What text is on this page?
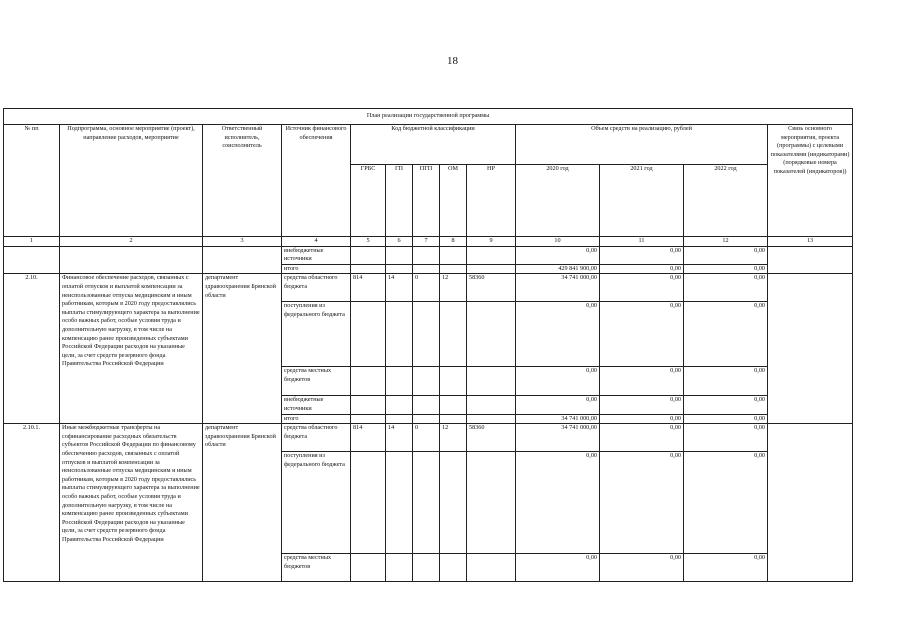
18
План реализации государственной программы												
№ пп	Подпрограмма, основное мероприятие (проект), направление расходов, мероприятие	Ответственный исполнитель, соисполнитель	Источник финансового обеспечения	Код бюджетной классификации					Объем средств на реализацию, рублей			Связь основного мероприятия, проекта (программы) с целевыми показателями (индикаторами) (порядковые номера показателей (индикаторов))
				ГРБС	ГП	ПГП	ОМ	НР	2020 год	2021 год	2022 год	
1	2	3	4	5	6	7	8	9	10	11	12	13
			внебюджетные источники						0,00	0,00	0,00	
			итого						429 841 900,00	0,00	0,00	
2.10.	Финансовое обеспечение расходов, связанных с оплатой отпусков и выплатой компенсации за неиспользованные отпуска медицинским и иным работникам, которым в 2020 году предоставлялись выплаты стимулирующего характера за выполнение особо важных работ, особые условия труда и дополнительную нагрузку, в том числе на компенсацию ранее произведенных субъектами Российской Федерации расходов на указанные цели, за счет средств резервного фонда Правительства Российской Федерации	департамент здравоохранения Брянской области	средства областного бюджета	814	14	0	12	58360	34 741 000,00	0,00	0,00	
			поступления из федерального бюджета						0,00	0,00	0,00	
			средства местных бюджетов						0,00	0,00	0,00	
			внебюджетные источники						0,00	0,00	0,00	
			итого						34 741 000,00	0,00	0,00	
2.10.1.	Иные межбюджетные трансферты на софинансирование расходных обязательств субъектов Российской Федерации по финансовому обеспечению расходов, связанных с оплатой отпусков и выплатой компенсации за неиспользованные отпуска медицинским и иным работникам, которым в 2020 году предоставлялись выплаты стимулирующего характера за выполнение особо важных работ, особые условия труда и дополнительную нагрузку, в том числе на компенсацию ранее произведенных субъектами Российской Федерации расходов на указанные цели, за счет средств резервного фонда Правительства Российской Федерации	департамент здравоохранения Брянской области	средства областного бюджета	814	14	0	12	58360	34 741 000,00	0,00	0,00	
			поступления из федерального бюджета						0,00	0,00	0,00	
			средства местных бюджетов						0,00	0,00	0,00	
